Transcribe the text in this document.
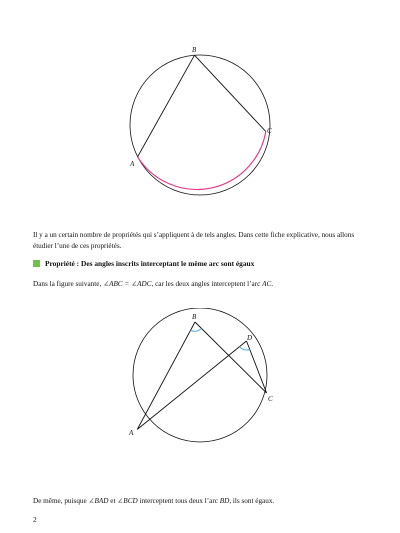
B
C
A

Il y a un certain nombre de propriétés qui s’appliquent à de tels angles. Dans cette fiche explicative, nous allons étudier l’une de ces propriétés.

Propriété : Des angles inscrits interceptant le même arc sont égaux

Dans la figure suivante, ∠ABC = ∠ADC, car les deux angles interceptent l’arc AC.

B
D
C
A

De même, puisque ∠BAD et ∠BCD interceptent tous deux l’arc BD, ils sont égaux.

2
